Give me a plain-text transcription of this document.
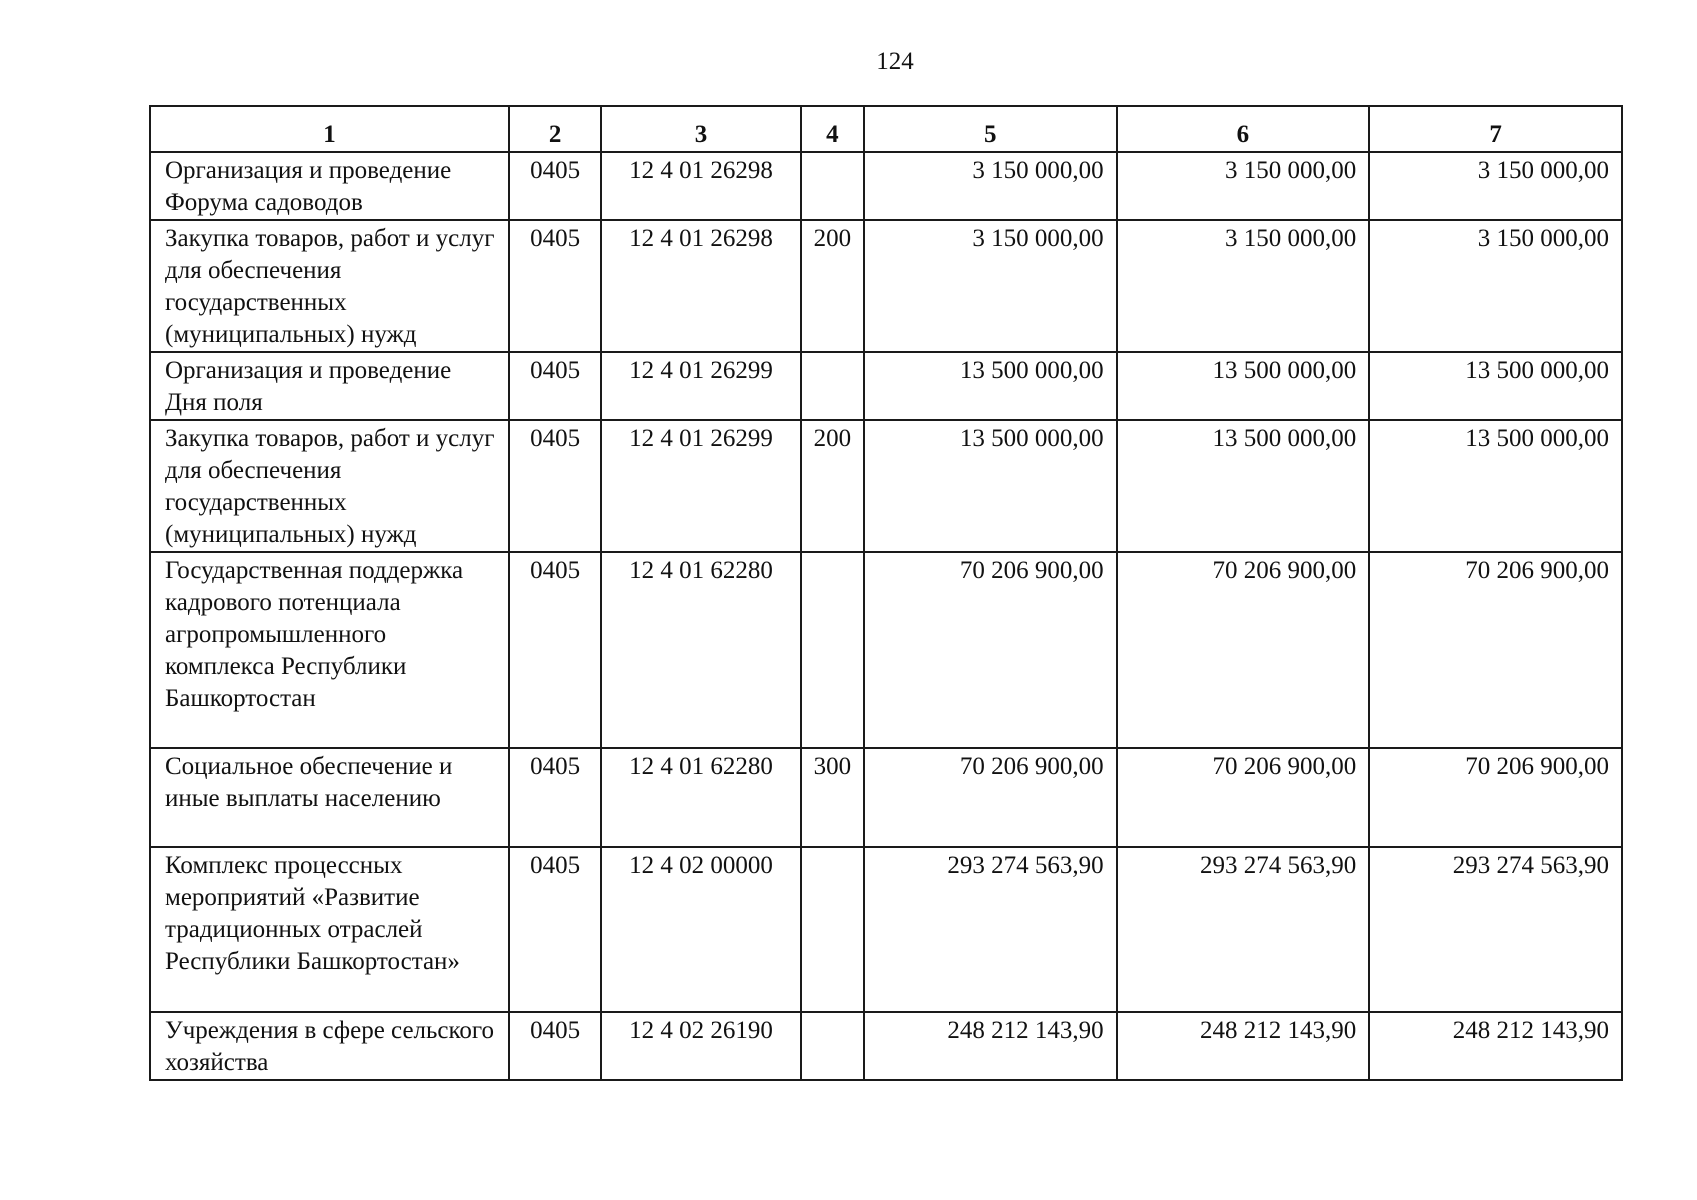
124
1	2	3	4	5	6	7
Организация и проведение Форума садоводов	0405	12 4 01 26298		3 150 000,00	3 150 000,00	3 150 000,00
Закупка товаров, работ и услуг для обеспечения государственных (муниципальных) нужд	0405	12 4 01 26298	200	3 150 000,00	3 150 000,00	3 150 000,00
Организация и проведение Дня поля	0405	12 4 01 26299		13 500 000,00	13 500 000,00	13 500 000,00
Закупка товаров, работ и услуг для обеспечения государственных (муниципальных) нужд	0405	12 4 01 26299	200	13 500 000,00	13 500 000,00	13 500 000,00
Государственная поддержка кадрового потенциала агропромышленного комплекса Республики Башкортостан	0405	12 4 01 62280		70 206 900,00	70 206 900,00	70 206 900,00
Социальное обеспечение и иные выплаты населению	0405	12 4 01 62280	300	70 206 900,00	70 206 900,00	70 206 900,00
Комплекс процессных мероприятий «Развитие традиционных отраслей Республики Башкортостан»	0405	12 4 02 00000		293 274 563,90	293 274 563,90	293 274 563,90
Учреждения в сфере сельского хозяйства	0405	12 4 02 26190		248 212 143,90	248 212 143,90	248 212 143,90
